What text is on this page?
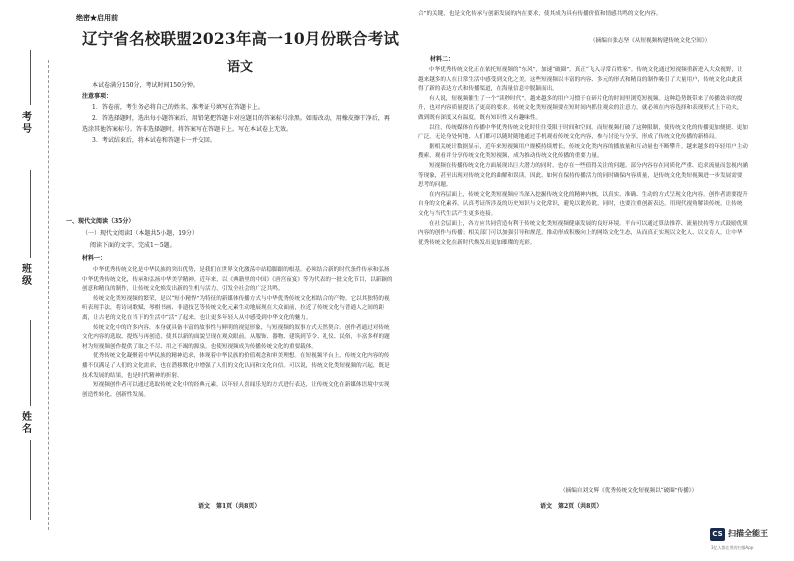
考号
班级
姓名
绝密★启用前
辽宁省名校联盟2023年高一10月份联合考试
语文
本试卷满分150分，考试时间150分钟。
注意事项：
1．答卷前，考生务必将自己的姓名、准考证号填写在答题卡上。
2．答选择题时，选出每小题答案后，用铅笔把答题卡对应题目的答案标号涂黑。如需改动，用橡皮擦干净后，再选涂其他答案标号。答非选择题时，将答案写在答题卡上。写在本试卷上无效。
3．考试结束后，将本试卷和答题卡一并交回。
一、现代文阅读（35分）
（一）现代文阅读Ⅰ（本题共5小题，19分）
阅读下面的文字，完成1～5题。
材料一：

中华优秀传统文化是中华民族的突出优势，是我们在世界文化激荡中站稳脚跟的根基。必须结合新的时代条件传承和弘扬中华优秀传统文化，传承和弘扬中华美学精神。近年来，以《典籍里的中国》《唐宫夜宴》等为代表的一批文化节目，以新颖的创意和精良的制作，让传统文化焕发出新的生机与活力，引发全社会的广泛共鸣。

传统文化类短视频的繁荣，是以“短小精悍”为特征的新媒体传播方式与中华优秀传统文化相结合的产物。它以其独特的视听表现手法，将诗词歌赋、琴棋书画、非遗技艺等传统文化元素生动地展现在大众面前，拉近了传统文化与普通人之间的距离，让古老的文化在当下的生活中“活”了起来，也让更多年轻人从中感受到中华文化的魅力。

传统文化中的许多内容，本身就具备丰富的故事性与鲜明的视觉形象，与短视频的叙事方式天然契合。创作者通过对传统文化内容的选取、提炼与再创造，使其以新的面貌呈现在观众眼前。从服饰、器物、建筑到节令、礼仪、民俗，丰富多样的题材为短视频创作提供了取之不尽、用之不竭的源泉，也使短视频成为传播传统文化的重要载体。

优秀传统文化凝聚着中华民族的精神追求，体现着中华民族的价值观念和审美理想。在短视频平台上，传统文化内容的传播不仅满足了人们的文化需求，也在潜移默化中增强了人们的文化认同和文化自信。可以说，传统文化类短视频的兴起，既是技术发展的结果，也是时代精神的折射。

短视频创作者可以通过选取传统文化中的经典元素，以年轻人喜闻乐见的方式进行表达，让传统文化在新媒体语境中实现创造性转化、创新性发展。

语文　第1页（共8页）

合”的关键，也是文化传承与创新发展的内在要求，使其成为具有传播价值和情感共鸣的文化内容。

（摘编自张志坚《从短视频构建传统文化空间》）
材料二：

中华优秀传统文化正在依托短视频的“东风”，加速“破圈”，真正“飞入寻常百姓家”。传统文化通过短视频重新进入大众视野，让越来越多的人在日常生活中感受到文化之美。这些短视频以丰富的内容、多元的形式和精良的制作吸引了大量用户，传统文化由此获得了新的表达方式和传播渠道，在海量信息中脱颖而出。

有人说，短视频催生了一个“读秒时代”。越来越多的用户习惯于在碎片化的时间里浏览短视频。这种趋势既带来了传播效率的提升，也对内容质量提出了更高的要求。传统文化类短视频要在短时间内抓住观众的注意力，就必须在内容选择和表现形式上下功夫，做到既有深度又有温度，既有知识性又有趣味性。

以往，传统媒体在传播中华优秀传统文化时往往受限于时间和空间。而短视频打破了这种限制，使传统文化的传播更加便捷、更加广泛。无论身处何地，人们都可以随时随地通过手机观看传统文化内容，参与讨论与分享，形成了传统文化传播的新格局。

据相关统计数据显示，近年来短视频用户规模持续增长，传统文化类内容的播放量和互动量也不断攀升。越来越多的年轻用户主动搜索、观看并分享传统文化类短视频，成为推动传统文化传播的重要力量。

短视频在传播传统文化方面展现出巨大潜力的同时，也存在一些值得关注的问题。部分内容存在同质化严重、追求流量而忽视内涵等现象，甚至出现对传统文化的曲解和误读。因此，如何在保持传播活力的同时确保内容质量，是传统文化类短视频进一步发展需要思考的问题。

在内容层面上，传统文化类短视频应当深入挖掘传统文化的精神内核，以真实、准确、生动的方式呈现文化内容。创作者需要提升自身的文化素养，认真考证所涉及的历史知识与文化常识，避免以讹传讹。同时，也要注重创新表达，用现代视角解读传统，让传统文化与当代生活产生更多连接。

在社会层面上，各方应共同营造有利于传统文化类短视频健康发展的良好环境。平台可以通过算法推荐、流量扶持等方式鼓励优质内容的创作与传播；相关部门可以加强引导和规范，推动形成积极向上的网络文化生态，从而真正实现以文化人、以文育人，让中华优秀传统文化在新时代焕发出更加璀璨的光彩。

（摘编自刘文辉《优秀传统文化短视频以“破圈”传播》）
语文　第2页（共8页）
CS 扫描全能王
3亿人都在用的扫描App
